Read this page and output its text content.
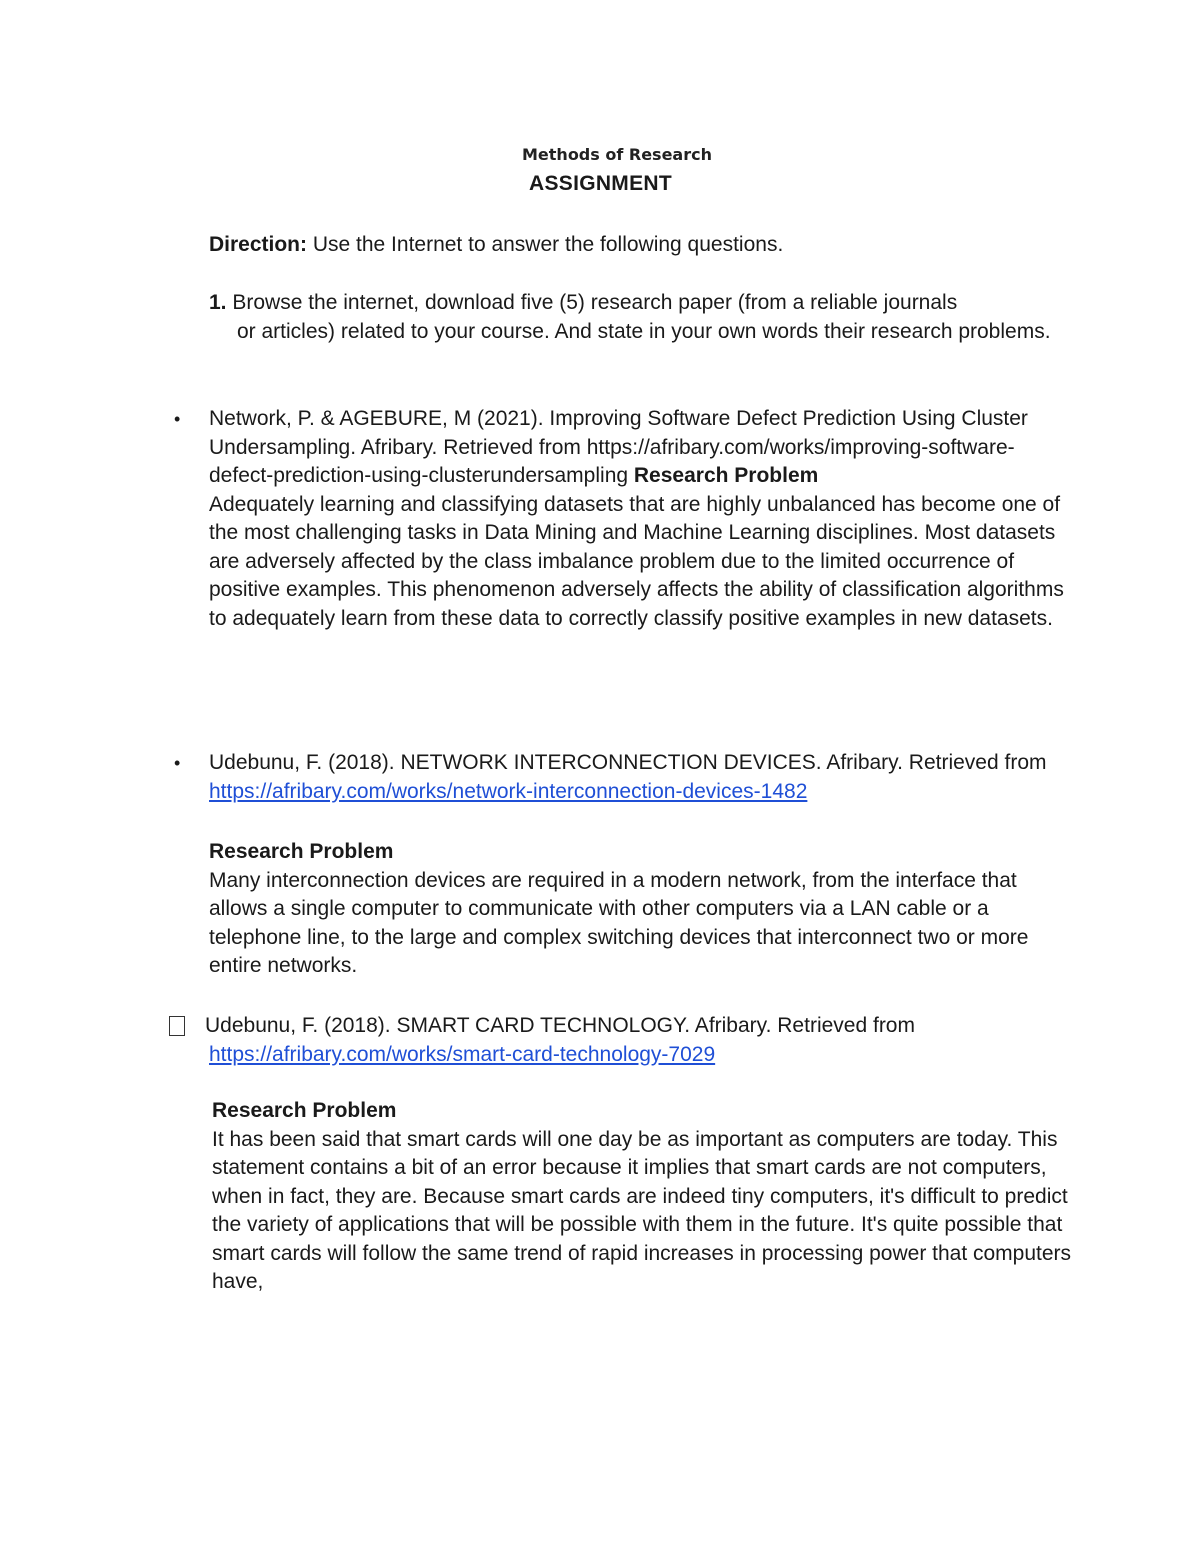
Methods of Research
ASSIGNMENT
Direction: Use the Internet to answer the following questions.
1. Browse the internet, download five (5) research paper (from a reliable journals
or articles) related to your course. And state in your own words their research problems.
• Network, P. & AGEBURE, M (2021). Improving Software Defect Prediction Using Cluster Undersampling. Afribary. Retrieved from https://afribary.com/works/improving-software-defect-prediction-using-clusterundersampling Research Problem
Adequately learning and classifying datasets that are highly unbalanced has become one of the most challenging tasks in Data Mining and Machine Learning disciplines. Most datasets are adversely affected by the class imbalance problem due to the limited occurrence of positive examples. This phenomenon adversely affects the ability of classification algorithms to adequately learn from these data to correctly classify positive examples in new datasets.
• Udebunu, F. (2018). NETWORK INTERCONNECTION DEVICES. Afribary. Retrieved from https://afribary.com/works/network-interconnection-devices-1482
Research Problem
Many interconnection devices are required in a modern network, from the interface that allows a single computer to communicate with other computers via a LAN cable or a telephone line, to the large and complex switching devices that interconnect two or more entire networks.
Udebunu, F. (2018). SMART CARD TECHNOLOGY. Afribary. Retrieved from
https://afribary.com/works/smart-card-technology-7029
Research Problem
It has been said that smart cards will one day be as important as computers are today. This statement contains a bit of an error because it implies that smart cards are not computers, when in fact, they are. Because smart cards are indeed tiny computers, it's difficult to predict the variety of applications that will be possible with them in the future. It's quite possible that smart cards will follow the same trend of rapid increases in processing power that computers have,
